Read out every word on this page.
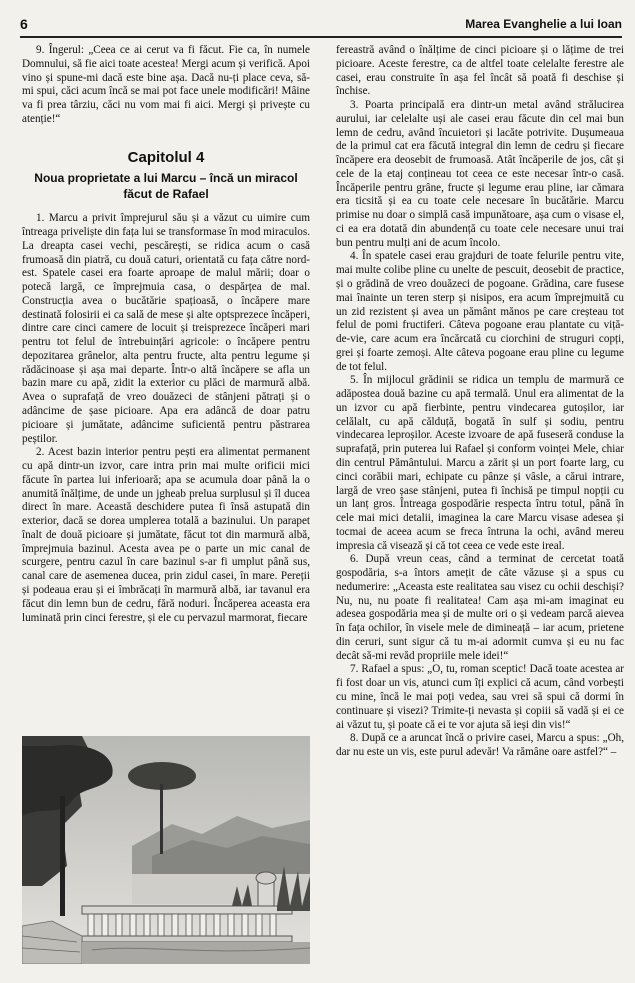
6	Marea Evanghelie a lui Ioan

9. Îngerul: „Ceea ce ai cerut va fi făcut. Fie ca, în numele Domnului, să fie aici toate acestea! Mergi acum și verifică. Apoi vino și spune-mi dacă este bine așa. Dacă nu-ți place ceva, să-mi spui, căci acum încă se mai pot face unele modificări! Mâine va fi prea târziu, căci nu vom mai fi aici. Mergi și privește cu atenție!“

Capitolul 4
Noua proprietate a lui Marcu – încă un miracol făcut de Rafael

1. Marcu a privit împrejurul său și a văzut cu uimire cum întreaga priveliște din fața lui se transformase în mod miraculos. La dreapta casei vechi, pescărești, se ridica acum o casă frumoasă din piatră, cu două caturi, orientată cu fața către nord-est. Spatele casei era foarte aproape de malul mării; doar o potecă largă, ce împrejmuia casa, o despărțea de mal. Construcția avea o bucătărie spațioasă, o încăpere mare destinată folosirii ei ca sală de mese și alte optsprezece încăperi, dintre care cinci camere de locuit și treisprezece încăperi mari pentru tot felul de întrebuințări agricole: o încăpere pentru depozitarea grânelor, alta pentru fructe, alta pentru legume și rădăcinoase și așa mai departe. Într-o altă încăpere se afla un bazin mare cu apă, zidit la exterior cu plăci de marmură albă. Avea o suprafață de vreo douăzeci de stânjeni pătrați și o adâncime de șase picioare. Apa era adâncă de doar patru picioare și jumătate, adâncime suficientă pentru păstrarea peștilor.

2. Acest bazin interior pentru pești era alimentat permanent cu apă dintr-un izvor, care intra prin mai multe orificii mici făcute în partea lui inferioară; apa se acumula doar până la o anumită înălțime, de unde un jgheab prelua surplusul și îl ducea direct în mare. Această deschidere putea fi însă astupată din exterior, dacă se dorea umplerea totală a bazinului. Un parapet înalt de două picioare și jumătate, făcut tot din marmură albă, împrejmuia bazinul. Acesta avea pe o parte un mic canal de scurgere, pentru cazul în care bazinul s-ar fi umplut până sus, canal care de asemenea ducea, prin zidul casei, în mare. Pereții și podeaua erau și ei îmbrăcați în marmură albă, iar tavanul era făcut din lemn bun de cedru, fără noduri. Încăperea aceasta era luminată prin cinci ferestre, și ele cu pervazul marmorat, fiecare

fereastră având o înălțime de cinci picioare și o lățime de trei picioare. Aceste ferestre, ca de altfel toate celelalte ferestre ale casei, erau construite în așa fel încât să poată fi deschise și închise.

3. Poarta principală era dintr-un metal având strălucirea aurului, iar celelalte uși ale casei erau făcute din cel mai bun lemn de cedru, având încuietori și lacăte potrivite. Dușumeaua de la primul cat era făcută integral din lemn de cedru și fiecare încăpere era deosebit de frumoasă. Atât încăperile de jos, cât și cele de la etaj conțineau tot ceea ce este necesar într-o casă. Încăperile pentru grâne, fructe și legume erau pline, iar cămara era ticsită și ea cu toate cele necesare în bucătărie. Marcu primise nu doar o simplă casă impunătoare, așa cum o visase el, ci ea era dotată din abundență cu toate cele necesare unui trai bun pentru mulți ani de acum încolo.

4. În spatele casei erau grajduri de toate felurile pentru vite, mai multe colibe pline cu unelte de pescuit, deosebit de practice, și o grădină de vreo douăzeci de pogoane. Grădina, care fusese mai înainte un teren sterp și nisipos, era acum împrejmuită cu un zid rezistent și avea un pământ mănos pe care creșteau tot felul de pomi fructiferi. Câteva pogoane erau plantate cu viță-de-vie, care acum era încărcată cu ciorchini de struguri copți, grei și foarte zemoși. Alte câteva pogoane erau pline cu legume de tot felul.

5. În mijlocul grădinii se ridica un templu de marmură ce adăpostea două bazine cu apă termală. Unul era alimentat de la un izvor cu apă fierbinte, pentru vindecarea gutoșilor, iar celălalt, cu apă călduță, bogată în sulf și sodiu, pentru vindecarea leproșilor. Aceste izvoare de apă fuseseră conduse la suprafață, prin puterea lui Rafael și conform voinței Mele, chiar din centrul Pământului. Marcu a zărit și un port foarte larg, cu cinci corăbii mari, echipate cu pânze și vâsle, a cărui intrare, largă de vreo șase stânjeni, putea fi închisă pe timpul nopții cu un lanț gros. Întreaga gospodărie respecta întru totul, până în cele mai mici detalii, imaginea la care Marcu visase adesea și tocmai de aceea acum se freca întruna la ochi, având mereu impresia că visează și că tot ceea ce vede este ireal.

6. După vreun ceas, când a terminat de cercetat toată gospodăria, s-a întors amețit de câte văzuse și a spus cu nedumerire: „Aceasta este realitatea sau visez cu ochii deschiși? Nu, nu, nu poate fi realitatea! Cam așa mi-am imaginat eu adesea gospodăria mea și de multe ori o și vedeam parcă aievea în fața ochilor, în visele mele de dimineață – iar acum, prietene din ceruri, sunt sigur că tu m-ai adormit cumva și eu nu fac decât să-mi revăd propriile mele idei!“

7. Rafael a spus: „O, tu, roman sceptic! Dacă toate acestea ar fi fost doar un vis, atunci cum îți explici că acum, când vorbești cu mine, încă le mai poți vedea, sau vrei să spui că dormi în continuare și visezi? Trimite-ți nevasta și copiii să vadă și ei ce ai văzut tu, și poate că ei te vor ajuta să ieși din vis!“

8. După ce a aruncat încă o privire casei, Marcu a spus: „Oh, dar nu este un vis, este purul adevăr! Va rămâne oare astfel?“ –
